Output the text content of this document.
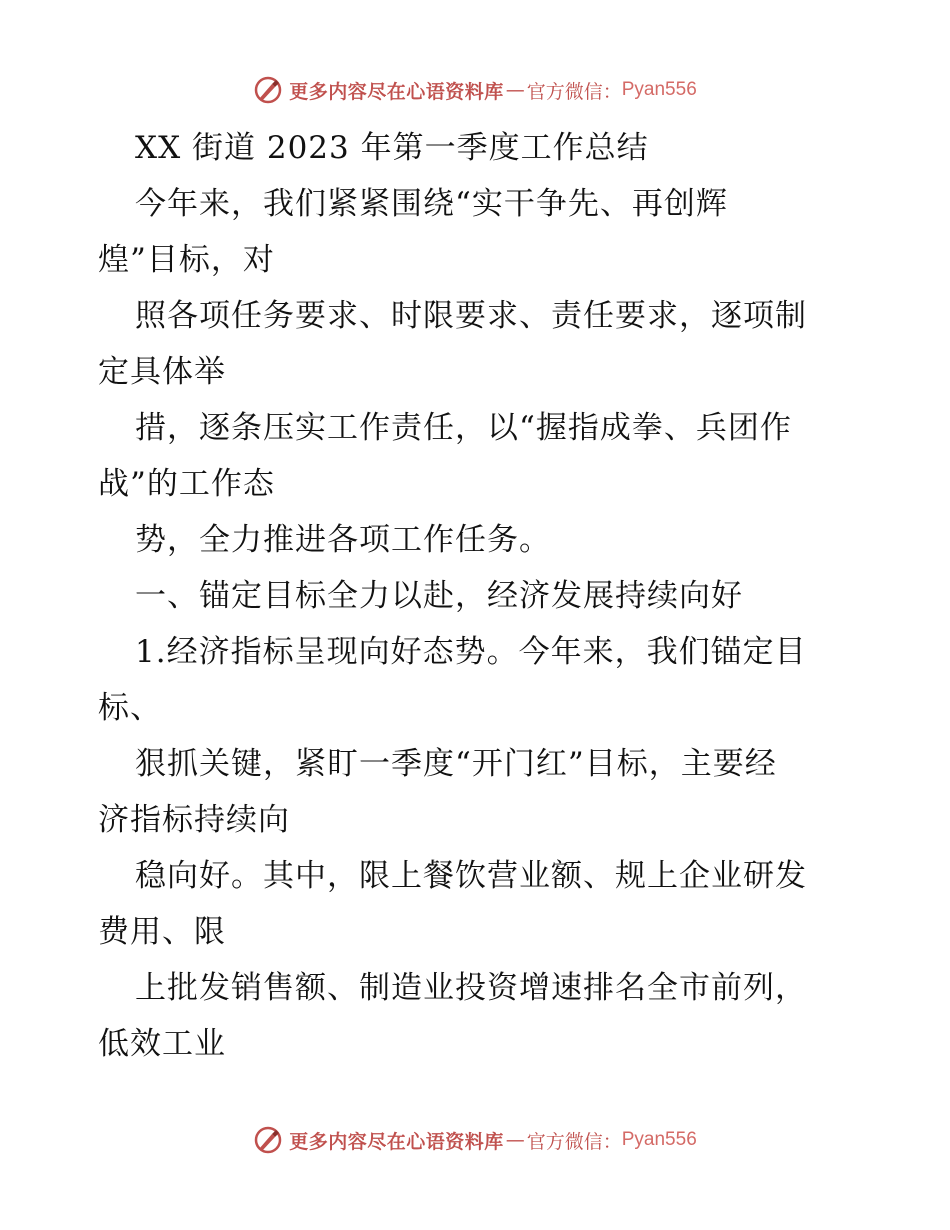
更多内容尽在心语资料库 — 官方微信： Pyan556
XX 街道 2023 年第一季度工作总结
今年来，我们紧紧围绕“实干争先、再创辉
煌”目标，对
照各项任务要求、时限要求、责任要求，逐项制
定具体举
措，逐条压实工作责任，以“握指成拳、兵团作
战”的工作态
势，全力推进各项工作任务。
一、锚定目标全力以赴，经济发展持续向好
1.经济指标呈现向好态势。今年来，我们锚定目
标、
狠抓关键，紧盯一季度“开门红”目标，主要经
济指标持续向
稳向好。其中，限上餐饮营业额、规上企业研发
费用、限
上批发销售额、制造业投资增速排名全市前列，
低效工业
更多内容尽在心语资料库 — 官方微信： Pyan556
